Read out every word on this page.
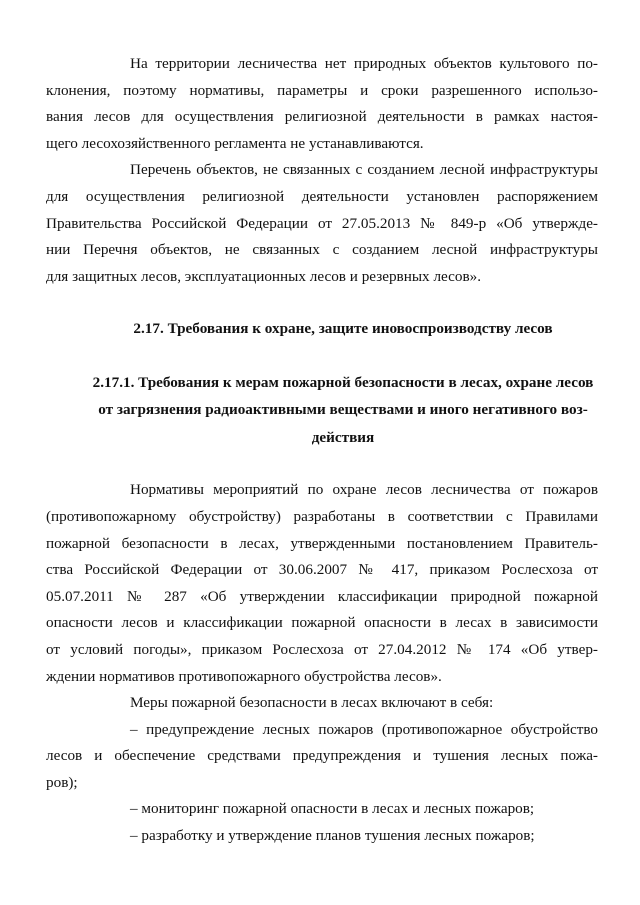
На территории лесничества нет природных объектов культового по-
клонения, поэтому нормативы, параметры и сроки разрешенного использо-
вания лесов для осуществления религиозной деятельности в рамках настоя-
щего лесохозяйственного регламента не устанавливаются.

Перечень объектов, не связанных с созданием лесной инфраструктуры
для осуществления религиозной деятельности установлен распоряжением
Правительства Российской Федерации от 27.05.2013 № 849-р «Об утвержде-
нии Перечня объектов, не связанных с созданием лесной инфраструктуры
для защитных лесов, эксплуатационных лесов и резервных лесов».

2.17. Требования к охране, защите иновоспроизводству лесов
2.17.1. Требования к мерам пожарной безопасности в лесах, охране лесов
от загрязнения радиоактивными веществами и иного негативного воз-
действия

Нормативы мероприятий по охране лесов лесничества от пожаров
(противопожарному обустройству) разработаны в соответствии с Правилами
пожарной безопасности в лесах, утвержденными постановлением Правитель-
ства Российской Федерации от 30.06.2007 № 417, приказом Рослесхоза от
05.07.2011 № 287 «Об утверждении классификации природной пожарной
опасности лесов и классификации пожарной опасности в лесах в зависимости
от условий погоды», приказом Рослесхоза от 27.04.2012 № 174 «Об утвер-
ждении нормативов противопожарного обустройства лесов».

Меры пожарной безопасности в лесах включают в себя:

– предупреждение лесных пожаров (противопожарное обустройство
лесов и обеспечение средствами предупреждения и тушения лесных пожа-
ров);

– мониторинг пожарной опасности в лесах и лесных пожаров;

– разработку и утверждение планов тушения лесных пожаров;
